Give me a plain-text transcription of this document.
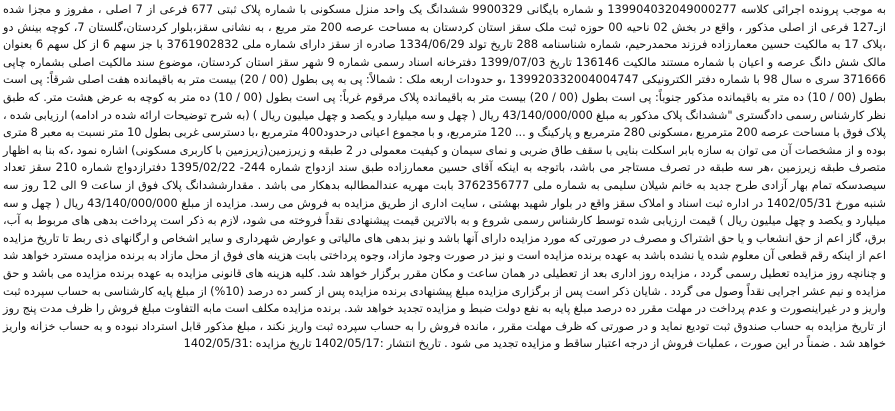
به موجب پرونده اجرائی کلاسه 139904032049000277 و شماره بایگانی 9900329 ششدانگ یک واحد منزل مسکونی با شماره پلاک ثبتی 677 فرعی از 7 اصلی ، مفروز و مجزا شده ازـ127 فرعی از اصلی مذکور ، واقع در بخش 02 ناحیه 00 حوزه ثبت ملک سقز استان کردستان به مساحت عرصه 200 متر مربع ، به نشانی سقز،بلوار کردستان،گلستان 7، کوچه بینش دو ،پلاک 17 به مالکیت حسین معمارزاده فرزند محمدرحیم، شماره شناسنامه 288 تاریخ تولد 1334/06/29 صادره از سقز دارای شماره ملی 3761902832 با جز سهم 6 از کل سهم 6 بعنوان مالک شش دانگ عرصه و اعیان با شماره مستند مالکیت 136146 تاریخ 1399/07/03 دفترخانه اسناد رسمی شماره 9 شهر سقز استان کردستان، موضوع سند مالکیت اصلی بشماره چاپی 371666 سری ه سال 98 با شماره دفتر الکترونیکی 139920332004004747 ،و حدودات اربعه ملک : شمالاً: پی به پی بطول (00 / 20) بیست متر به باقیمانده هفت اصلی شرقاً: پی است بطول (00 / 10) ده متر به باقیمانده مذکور جنوباً: پی است بطول (00 / 20) بیست متر به باقیمانده پلاک مرقوم غرباً: پی است بطول (00 / 10) ده متر به کوچه به عرض هشت متر. که طبق نظر کارشناس رسمی دادگستری "ششدانگ پلاک مذکور به مبلغ 43/140/000/000 ریال ( چهل و سه میلیارد و یکصد و چهل میلیون ریال ) (به شرح توضیحات ارائه شده در ادامه) ارزیابی شده ، پلاک فوق با مساحت عرصه 200 مترمربع ،مسکونی 280 مترمربع و پارکینگ و ... 120 مترمربع، و با مجموع اعیانی درحدود400 مترمربع ،با دسترسی غربی بطول 10 متر نسبت به معبر 8 متری بوده و از مشخصات آن می توان به سازه بابر اسکلت بنایی با سقف طاق ضربی و نمای سیمان و کیفیت معمولی در 2 طبقه و زیرزمین(زیرزمین با کاربری مسکونی) اشاره نمود ،که بنا به اظهار متصرف طبقه زیرزمین ،هر سه طبقه در تصرف مستاجر می باشد، باتوجه به اینکه آقای حسین معمارزاده طبق سند ازدواج شماره 244- 1395/02/22 دفترازدواج شماره 210 سقز تعداد سیصدسکه تمام بهار آزادی طرح جدید به خانم شیلان سلیمی به شماره ملی 3762356777 بابت مهریه عندالمطالبه بدهکار می باشد . مقدارششدانگ پلاک فوق از ساعت 9 الی 12 روز سه شنبه مورخ 1402/05/31 در اداره ثبت اسناد و املاک سقز واقع در بلوار شهید بهشتی ، سایت اداری از طریق مزایده به فروش می رسد. مزایده از مبلغ 43/140/000/000 ریال ( چهل و سه میلیارد و یکصد و چهل میلیون ریال ) قیمت ارزیابی شده توسط کارشناس رسمی شروع و به بالاترین قیمت پیشنهادی نقداً فروخته می شود، لازم به ذکر است پرداخت بدهی های مربوط به آب، برق، گاز اعم از حق انشعاب و یا حق اشتراک و مصرف در صورتی که مورد مزایده دارای آنها باشد و نیز بدهی های مالیاتی و عوارض شهرداری و سایر اشخاص و ارگانهای ذی ربط تا تاریخ مزایده اعم از اینکه رقم قطعی آن معلوم شده یا نشده باشد به عهده برنده مزایده است و نیز در صورت وجود مازاد، وجوه پرداختی بابت هزینه های فوق از محل مازاد به برنده مزایده مسترد خواهد شد و چنانچه روز مزایده تعطیل رسمی گردد ، مزایده روز اداری بعد از تعطیلی در همان ساعت و مکان مقرر برگزار خواهد شد. کلیه هزینه های قانونی مزایده به عهده برنده مزایده می باشد و حق مزایده و نیم عشر اجرایی نقداً وصول می گردد . شایان ذکر است پس از برگزاری مزایده مبلغ پیشنهادی برنده مزایده پس از کسر ده درصد (10%) از مبلغ پایه کارشناسی به حساب سپرده ثبت واریز و در غیراینصورت و عدم پرداخت در مهلت مقرر ده درصد مبلغ پایه به نفع دولت ضبط و مزایده تجدید خواهد شد. برنده مزایده مکلف است مابه التفاوت مبلغ فروش را ظرف مدت پنج روز از تاریخ مزایده به حساب صندوق ثبت تودیع نماید و در صورتی که ظرف مهلت مقرر ، مانده فروش را به حساب سپرده ثبت واریز نکند ، مبلغ مذکور قابل استرداد نبوده و به حساب خزانه واریز خواهد شد . ضمناً در این صورت ، عملیات فروش از درجه اعتبار ساقط و مزایده تجدید می شود . تاریخ انتشار :1402/05/17 تاریخ مزایده :1402/05/31
